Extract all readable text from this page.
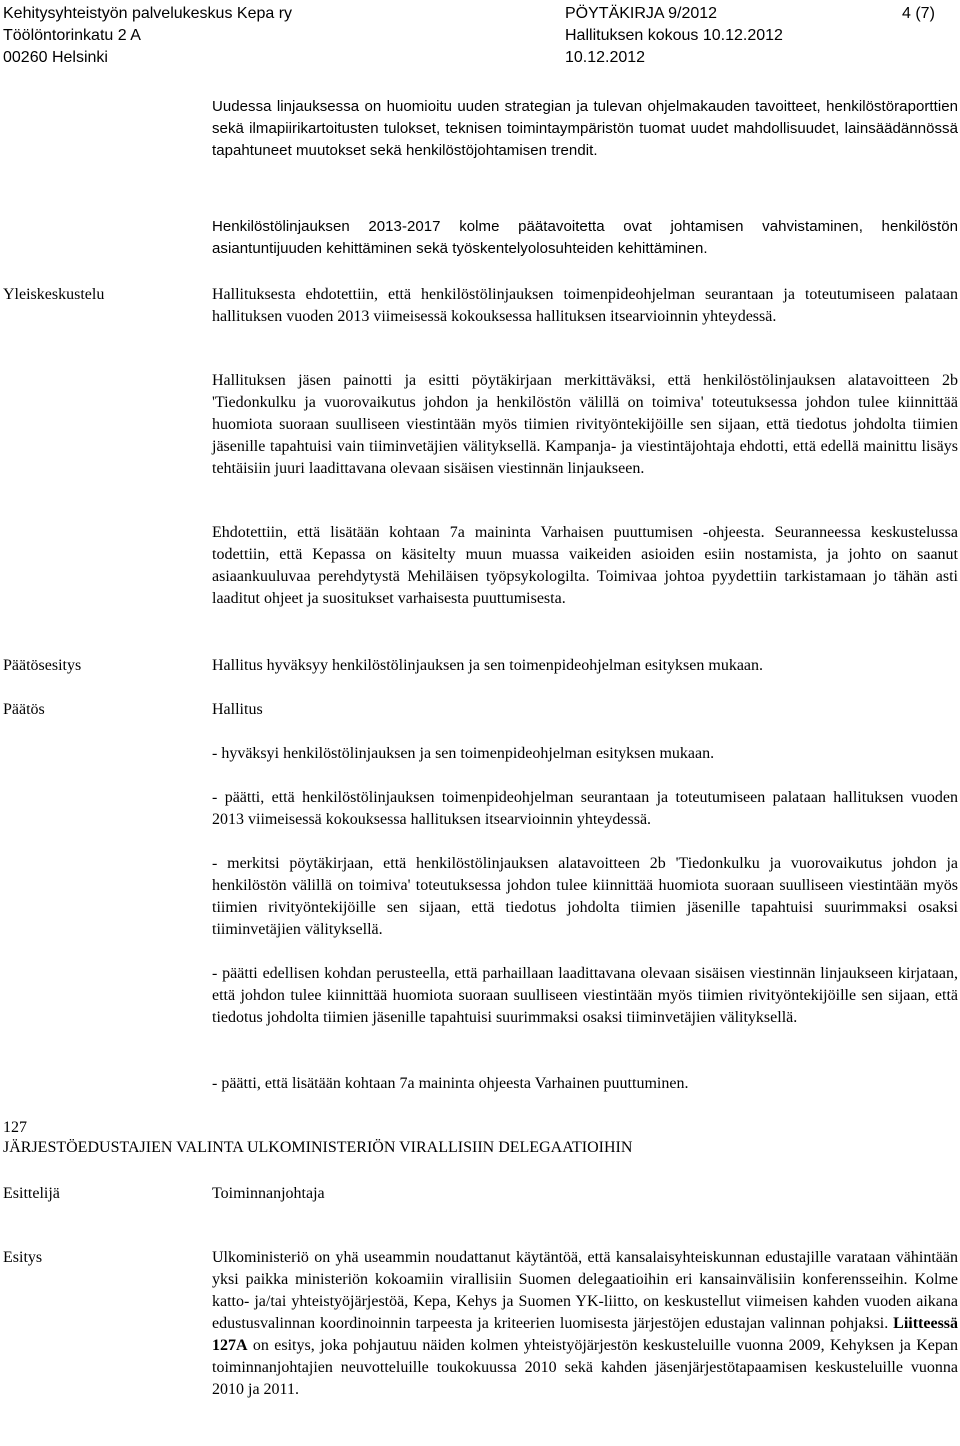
Kehitysyhteistyön palvelukeskus Kepa ry
Töölöntorinkatu 2 A
00260 Helsinki
PÖYTÄKIRJA 9/2012
Hallituksen kokous 10.12.2012
10.12.2012
4 (7)
Uudessa linjauksessa on huomioitu uuden strategian ja tulevan ohjelmakauden tavoitteet, henkilöstöraporttien sekä ilmapiirikartoitusten tulokset, teknisen toimintaympäristön tuomat uudet mahdollisuudet, lainsäädännössä tapahtuneet muutokset sekä henkilöstöjohtamisen trendit.
Henkilöstölinjauksen 2013-2017 kolme päätavoitetta ovat johtamisen vahvistaminen, henkilöstön asiantuntijuuden kehittäminen sekä työskentelyolosuhteiden kehittäminen.
Yleiskeskustelu	Hallituksesta ehdotettiin, että henkilöstölinjauksen toimenpideohjelman seurantaan ja toteutumiseen palataan hallituksen vuoden 2013 viimeisessä kokouksessa hallituksen itsearvioinnin yhteydessä.
Hallituksen jäsen painotti ja esitti pöytäkirjaan merkittäväksi, että henkilöstölinjauksen alatavoitteen 2b 'Tiedonkulku ja vuorovaikutus johdon ja henkilöstön välillä on toimiva' toteutuksessa johdon tulee kiinnittää huomiota suoraan suulliseen viestintään myös tiimien rivityöntekijöille sen sijaan, että tiedotus johdolta tiimien jäsenille tapahtuisi vain tiiminvetäjien välityksellä. Kampanja- ja viestintäjohtaja ehdotti, että edellä mainittu lisäys tehtäisiin juuri laadittavana olevaan sisäisen viestinnän linjaukseen.
Ehdotettiin, että lisätään kohtaan 7a maininta Varhaisen puuttumisen -ohjeesta. Seuranneessa keskustelussa todettiin, että Kepassa on käsitelty muun muassa vaikeiden asioiden esiin nostamista, ja johto on saanut asiaankuuluvaa perehdytystä Mehiläisen työpsykologilta. Toimivaa johtoa pyydettiin tarkistamaan jo tähän asti laaditut ohjeet ja suositukset varhaisesta puuttumisesta.
Päätösesitys	Hallitus hyväksyy henkilöstölinjauksen ja sen toimenpideohjelman esityksen mukaan.
Päätös	Hallitus
- hyväksyi henkilöstölinjauksen ja sen toimenpideohjelman esityksen mukaan.
- päätti, että henkilöstölinjauksen toimenpideohjelman seurantaan ja toteutumiseen palataan hallituksen vuoden 2013 viimeisessä kokouksessa hallituksen itsearvioinnin yhteydessä.
- merkitsi pöytäkirjaan, että henkilöstölinjauksen alatavoitteen 2b 'Tiedonkulku ja vuorovaikutus johdon ja henkilöstön välillä on toimiva' toteutuksessa johdon tulee kiinnittää huomiota suoraan suulliseen viestintään myös tiimien rivityöntekijöille sen sijaan, että tiedotus johdolta tiimien jäsenille tapahtuisi suurimmaksi osaksi tiiminvetäjien välityksellä.
- päätti edellisen kohdan perusteella, että parhaillaan laadittavana olevaan sisäisen viestinnän linjaukseen kirjataan, että johdon tulee kiinnittää huomiota suoraan suulliseen viestintään myös tiimien rivityöntekijöille sen sijaan, että tiedotus johdolta tiimien jäsenille tapahtuisi suurimmaksi osaksi tiiminvetäjien välityksellä.
- päätti, että lisätään kohtaan 7a maininta ohjeesta Varhainen puuttuminen.
127
JÄRJESTÖEDUSTAJIEN VALINTA ULKOMINISTERIÖN VIRALLISIIN DELEGAATIOIHIN
Esittelijä	Toiminnanjohtaja
Esitys	Ulkoministeriö on yhä useammin noudattanut käytäntöä, että kansalaisyhteiskunnan edustajille varataan vähintään yksi paikka ministeriön kokoamiin virallisiin Suomen delegaatioihin eri kansainvälisiin konferensseihin. Kolme katto- ja/tai yhteistyöjärjestöä, Kepa, Kehys ja Suomen YK-liitto, on keskustellut viimeisen kahden vuoden aikana edustusvalinnan koordinoinnin tarpeesta ja kriteerien luomisesta järjestöjen edustajan valinnan pohjaksi. Liitteessä 127A on esitys, joka pohjautuu näiden kolmen yhteistyöjärjestön keskusteluille vuonna 2009, Kehyksen ja Kepan toiminnanjohtajien neuvotteluille toukokuussa 2010 sekä kahden jäsenjärjestötapaamisen keskusteluille vuonna 2010 ja 2011.
